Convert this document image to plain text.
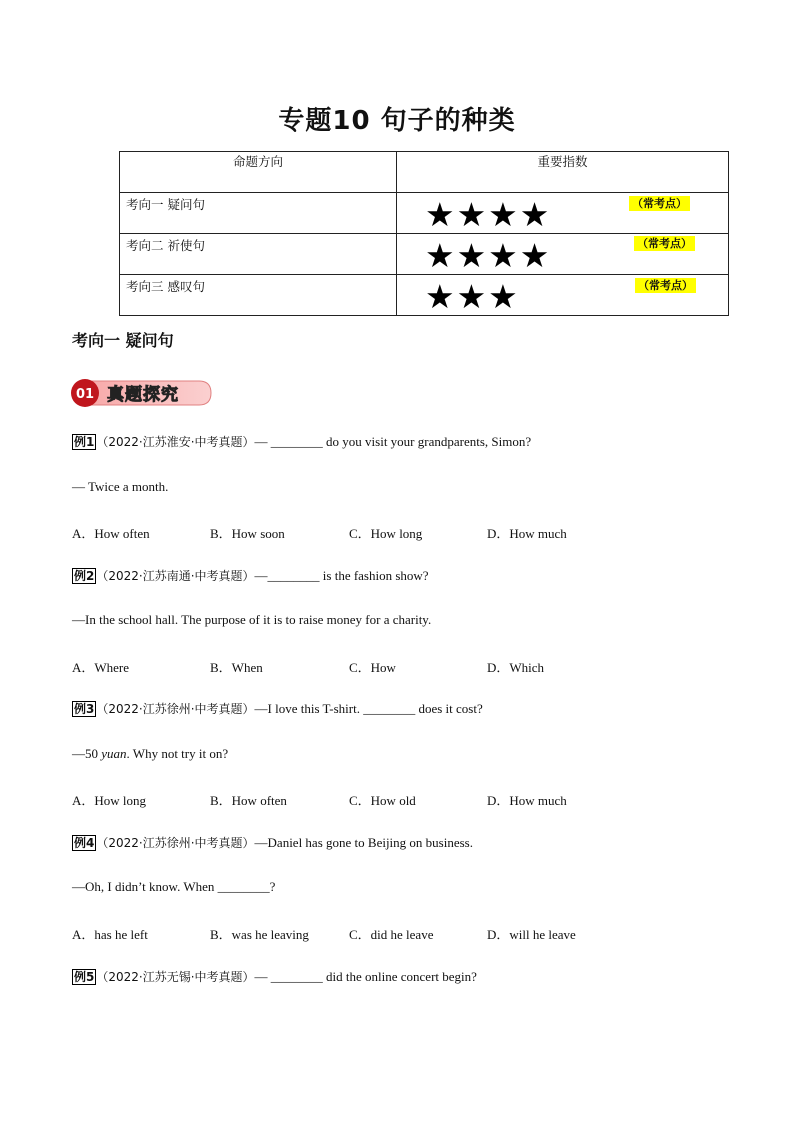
专题10 句子的种类
命题方向	重要指数

考向一 疑问句	★★★★ （常考点）

考向二 祈使句	★★★★ （常考点）

考向三 感叹句	★★★ （常考点）
考向一 疑问句
01 真题探究
例1 （2022·江苏淮安·中考真题）— ________ do you visit your grandparents, Simon?
— Twice a month.
A．How often	B．How soon	C．How long	D．How much
例2 （2022·江苏南通·中考真题）—________ is the fashion show?
—In the school hall. The purpose of it is to raise money for a charity.
A．Where	B．When	C．How	D．Which
例3 （2022·江苏徐州·中考真题）—I love this T-shirt. ________ does it cost?
—50 yuan. Why not try it on?
A．How long	B．How often	C．How old	D．How much
例4 （2022·江苏徐州·中考真题）—Daniel has gone to Beijing on business.
—Oh, I didn’t know. When ________?
A．has he left	B．was he leaving	C．did he leave	D．will he leave
例5 （2022·江苏无锡·中考真题）— ________ did the online concert begin?
